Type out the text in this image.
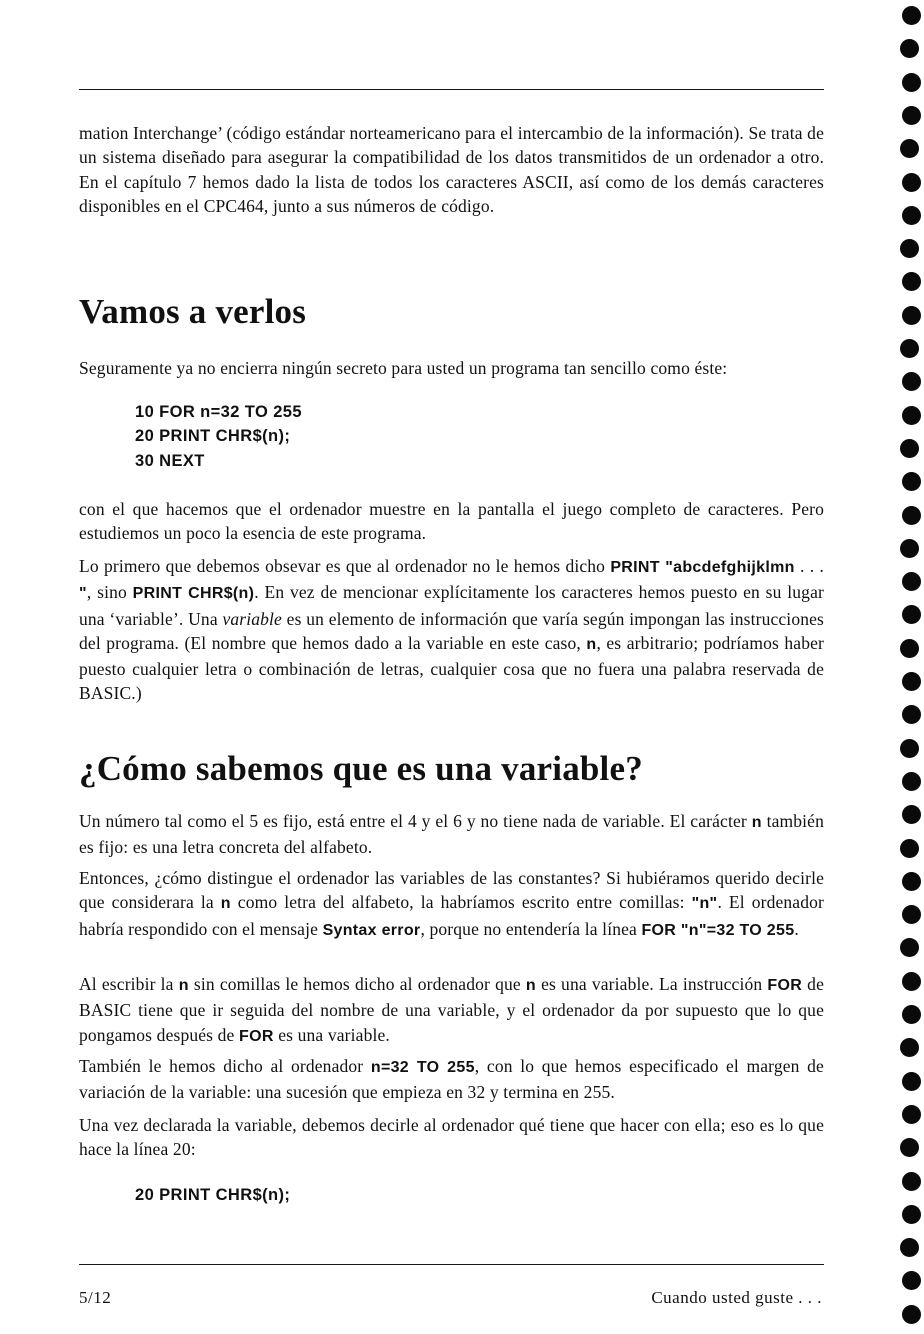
mation Interchange’ (código estándar norteamericano para el intercambio de la información). Se trata de un sistema diseñado para asegurar la compatibilidad de los datos transmitidos de un ordenador a otro. En el capítulo 7 hemos dado la lista de todos los caracteres ASCII, así como de los demás caracteres disponibles en el CPC464, junto a sus números de código.
Vamos a verlos
Seguramente ya no encierra ningún secreto para usted un programa tan sencillo como éste:
10 FOR n=32 TO 255
20 PRINT CHR$(n);
30 NEXT
con el que hacemos que el ordenador muestre en la pantalla el juego completo de caracteres. Pero estudiemos un poco la esencia de este programa.
Lo primero que debemos obsevar es que al ordenador no le hemos dicho PRINT "abcdefghijklmn . . . ", sino PRINT CHR$(n). En vez de mencionar explícitamente los caracteres hemos puesto en su lugar una ‘variable’. Una variable es un elemento de información que varía según impongan las instrucciones del programa. (El nombre que hemos dado a la variable en este caso, n, es arbitrario; podríamos haber puesto cualquier letra o combinación de letras, cualquier cosa que no fuera una palabra reservada de BASIC.)
¿Cómo sabemos que es una variable?
Un número tal como el 5 es fijo, está entre el 4 y el 6 y no tiene nada de variable. El carácter n también es fijo: es una letra concreta del alfabeto.
Entonces, ¿cómo distingue el ordenador las variables de las constantes? Si hubiéramos querido decirle que considerara la n como letra del alfabeto, la habríamos escrito entre comillas: "n". El ordenador habría respondido con el mensaje Syntax error, porque no entendería la línea FOR "n"=32 TO 255.
Al escribir la n sin comillas le hemos dicho al ordenador que n es una variable. La instrucción FOR de BASIC tiene que ir seguida del nombre de una variable, y el ordenador da por supuesto que lo que pongamos después de FOR es una variable.
También le hemos dicho al ordenador n=32 TO 255, con lo que hemos especificado el margen de variación de la variable: una sucesión que empieza en 32 y termina en 255.
Una vez declarada la variable, debemos decirle al ordenador qué tiene que hacer con ella; eso es lo que hace la línea 20:
20 PRINT CHR$(n);
5/12	Cuando usted guste . . .
